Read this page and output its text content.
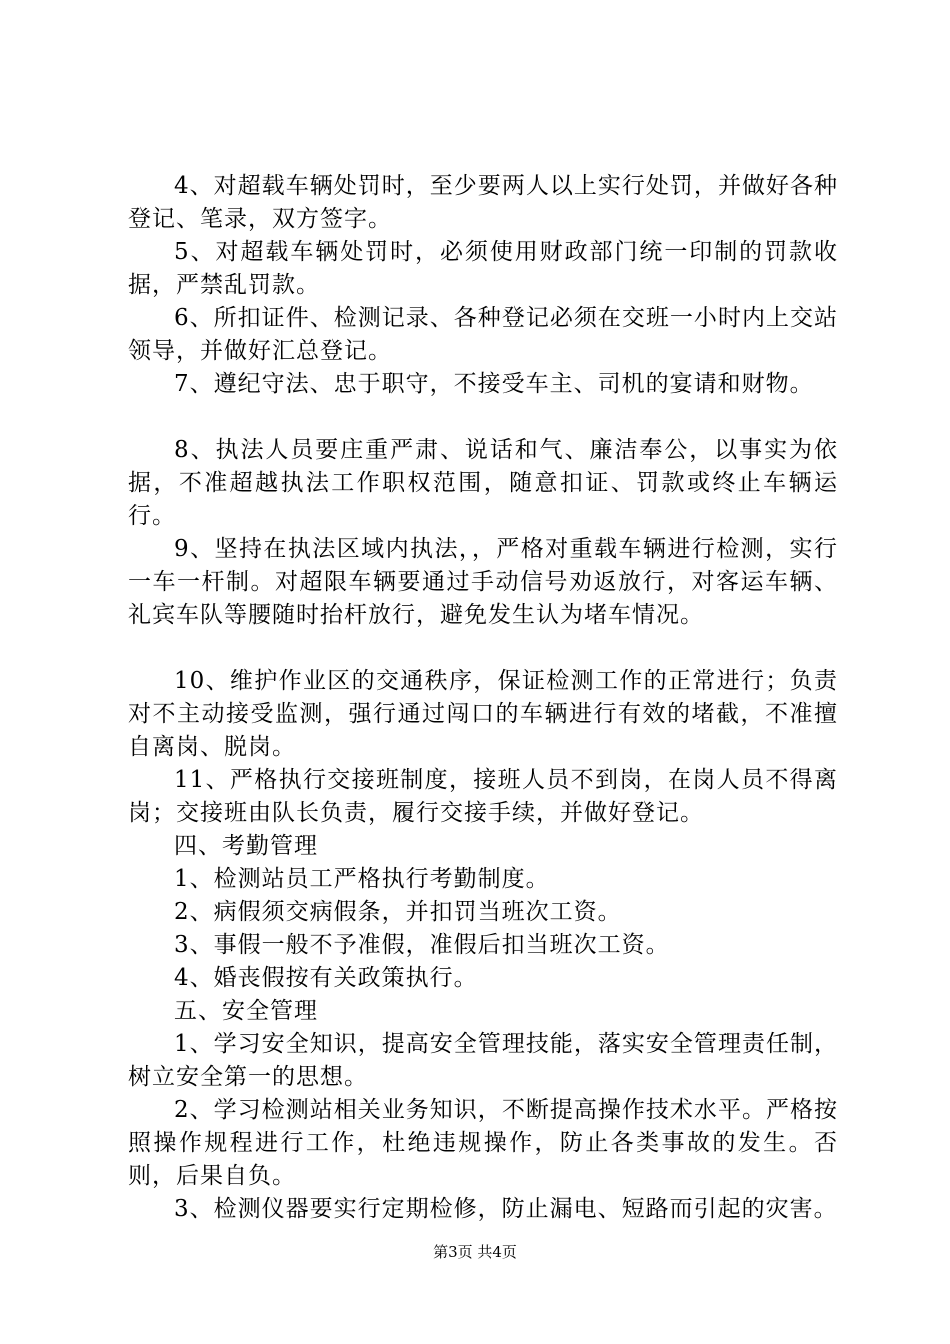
4、对超载车辆处罚时，至少要两人以上实行处罚，并做好各种登记、笔录，双方签字。

5、对超载车辆处罚时，必须使用财政部门统一印制的罚款收据，严禁乱罚款。

6、所扣证件、检测记录、各种登记必须在交班一小时内上交站领导，并做好汇总登记。

7、遵纪守法、忠于职守，不接受车主、司机的宴请和财物。

8、执法人员要庄重严肃、说话和气、廉洁奉公，以事实为依据，不准超越执法工作职权范围，随意扣证、罚款或终止车辆运行。

9、坚持在执法区域内执法，，严格对重载车辆进行检测，实行一车一杆制。对超限车辆要通过手动信号劝返放行，对客运车辆、礼宾车队等腰随时抬杆放行，避免发生认为堵车情况。

10、维护作业区的交通秩序，保证检测工作的正常进行；负责对不主动接受监测，强行通过闯口的车辆进行有效的堵截，不准擅自离岗、脱岗。

11、严格执行交接班制度，接班人员不到岗，在岗人员不得离岗；交接班由队长负责，履行交接手续，并做好登记。

四、考勤管理

1、检测站员工严格执行考勤制度。

2、病假须交病假条，并扣罚当班次工资。

3、事假一般不予准假，准假后扣当班次工资。

4、婚丧假按有关政策执行。

五、安全管理

1、学习安全知识，提高安全管理技能，落实安全管理责任制，树立安全第一的思想。

2、学习检测站相关业务知识，不断提高操作技术水平。严格按照操作规程进行工作，杜绝违规操作，防止各类事故的发生。否则，后果自负。

3、检测仪器要实行定期检修，防止漏电、短路而引起的灾害。

第3页 共4页
